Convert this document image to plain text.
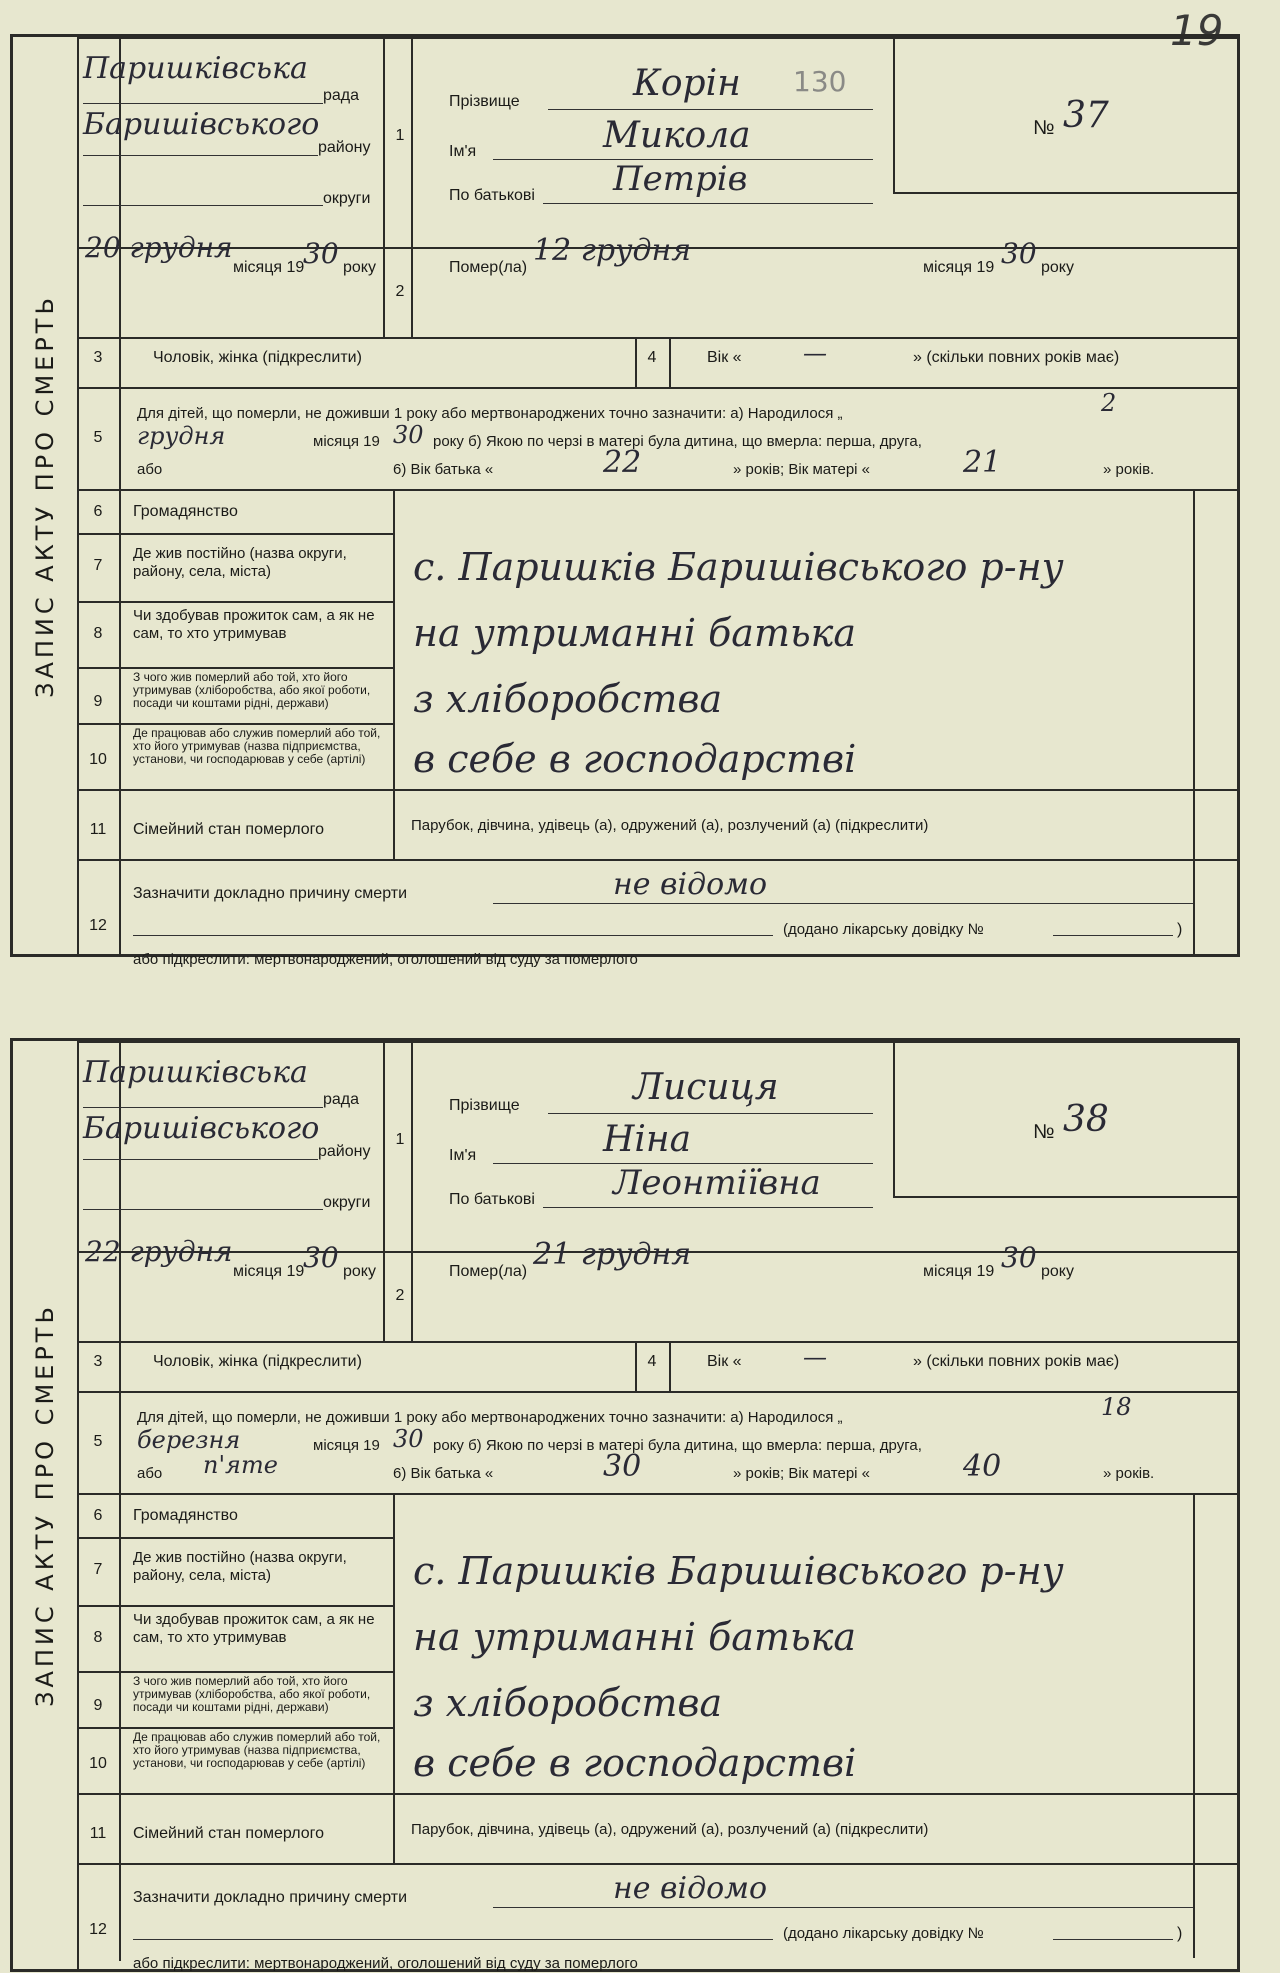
19
ЗАПИС АКТУ ПРО СМЕРТЬ
Паришківська
рада
Баришівського
району
округи
1
Прізвище	Корін 130
Ім'я	Микола
По батькові Петрів
№ 37
20 грудня
місяця 19
30 року
2
Помер(ла) 12 грудня	місяця 19 30 року
3	Чоловік, жінка (підкреслити)	4	Вік «	—	» (скільки повних років має)
5
Для дітей, що померли, не доживши 1 року або мертвонароджених точно зазначити: а) Народилося „	2
грудня	місяця 19 30 року б) Якою по черзі в матері була дитина, що вмерла: перша, друга,
або	6) Вік батька «	22	» років; Вік матері «	21	» років.
6	Громадянство
7
Де жив постійно (назва округи, району, села, міста)	с. Паришків Баришівського р-ну
8
Чи здобував прожиток сам, а як не сам, то хто утримував	на утриманні батька
9
З чого жив померлий або той, хто його утримував (хліборобства, або якої роботи, посади чи коштами рідні, держави)	з хліборобства
10
Де працював або служив померлий або той, хто його утримував (назва підприємства, установи, чи господарював у себе (артілі)	в себе в господарстві
11 Сімейний стан померлого	Парубок, дівчина, удівець (а), одружений (а), розлучений (а) (підкреслити)
12
Зазначити докладно причину смерти	не відомо
(додано лікарську довідку №	)
або підкреслити: мертвонароджений, оголошений від суду за померлого
ЗАПИС АКТУ ПРО СМЕРТЬ
Паришківська
рада
Баришівського
району
округи
1
Прізвище	Лисиця
Ім'я	Ніна
По батькові Леонтіївна
№ 38
22 грудня
місяця 19
30 року
2
Помер(ла) 21 грудня	місяця 19 30 року
3	Чоловік, жінка (підкреслити)	4	Вік «	—	» (скільки повних років має)
5
Для дітей, що померли, не доживши 1 року або мертвонароджених точно зазначити: а) Народилося „	18
березня	місяця 19 30 року б) Якою по черзі в матері була дитина, що вмерла: перша, друга,
або п'яте	6) Вік батька «	30	» років; Вік матері «	40	» років.
6	Громадянство
7
Де жив постійно (назва округи, району, села, міста)	с. Паришків Баришівського р-ну
8
Чи здобував прожиток сам, а як не сам, то хто утримував	на утриманні батька
9
З чого жив померлий або той, хто його утримував (хліборобства, або якої роботи, посади чи коштами рідні, держави)	з хліборобства
10
Де працював або служив померлий або той, хто його утримував (назва підприємства, установи, чи господарював у себе (артілі)	в себе в господарстві
11 Сімейний стан померлого	Парубок, дівчина, удівець (а), одружений (а), розлучений (а) (підкреслити)
12
Зазначити докладно причину смерти	не відомо
(додано лікарську довідку №	)
або підкреслити: мертвонароджений, оголошений від суду за померлого
